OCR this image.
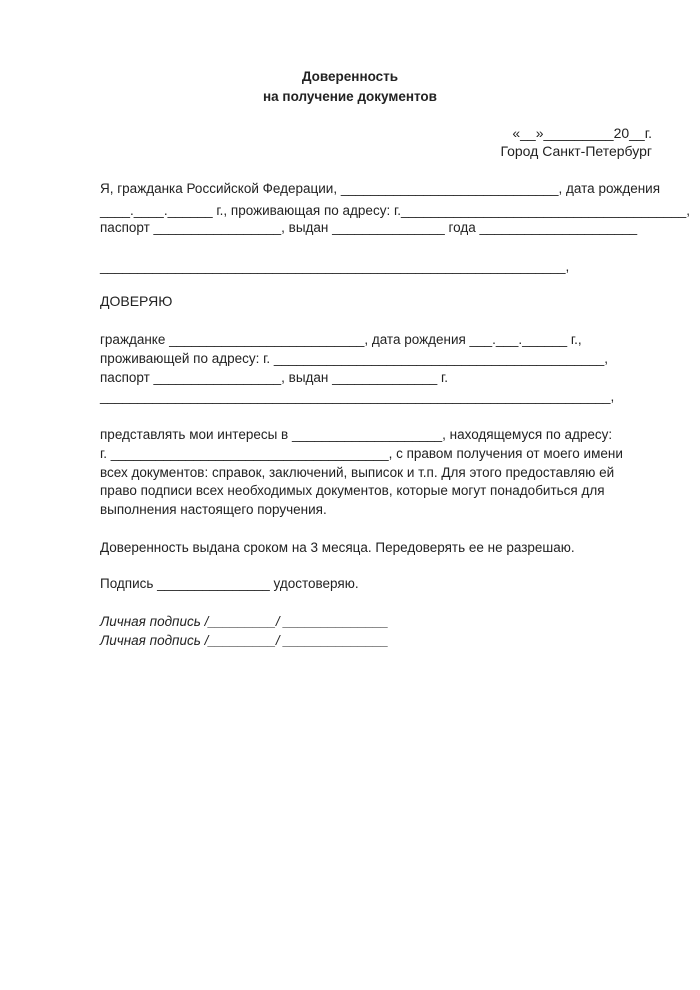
Доверенность
на получение документов
«__»_________20__г.
Город Санкт-Петербург
Я, гражданка Российской Федерации, _____________________________, дата рождения
____.____.______ г., проживающая по адресу: г.______________________________________,
паспорт _________________, выдан _______________ года _____________________
______________________________________________________________,
ДОВЕРЯЮ
гражданке __________________________, дата рождения ___.___.______ г.,
проживающей по адресу: г. ____________________________________________,
паспорт _________________, выдан ______________ г.
____________________________________________________________________,
представлять мои интересы в ____________________, находящемуся по адресу:
г. _____________________________________, с правом получения от моего имени
всех документов: справок, заключений, выписок и т.п. Для этого предоставляю ей
право подписи всех необходимых документов, которые могут понадобиться для
выполнения настоящего поручения.
Доверенность выдана сроком на 3 месяца. Передоверять ее не разрешаю.
Подпись _______________ удостоверяю.
Личная подпись /_________/ ______________
Личная подпись /_________/ ______________
